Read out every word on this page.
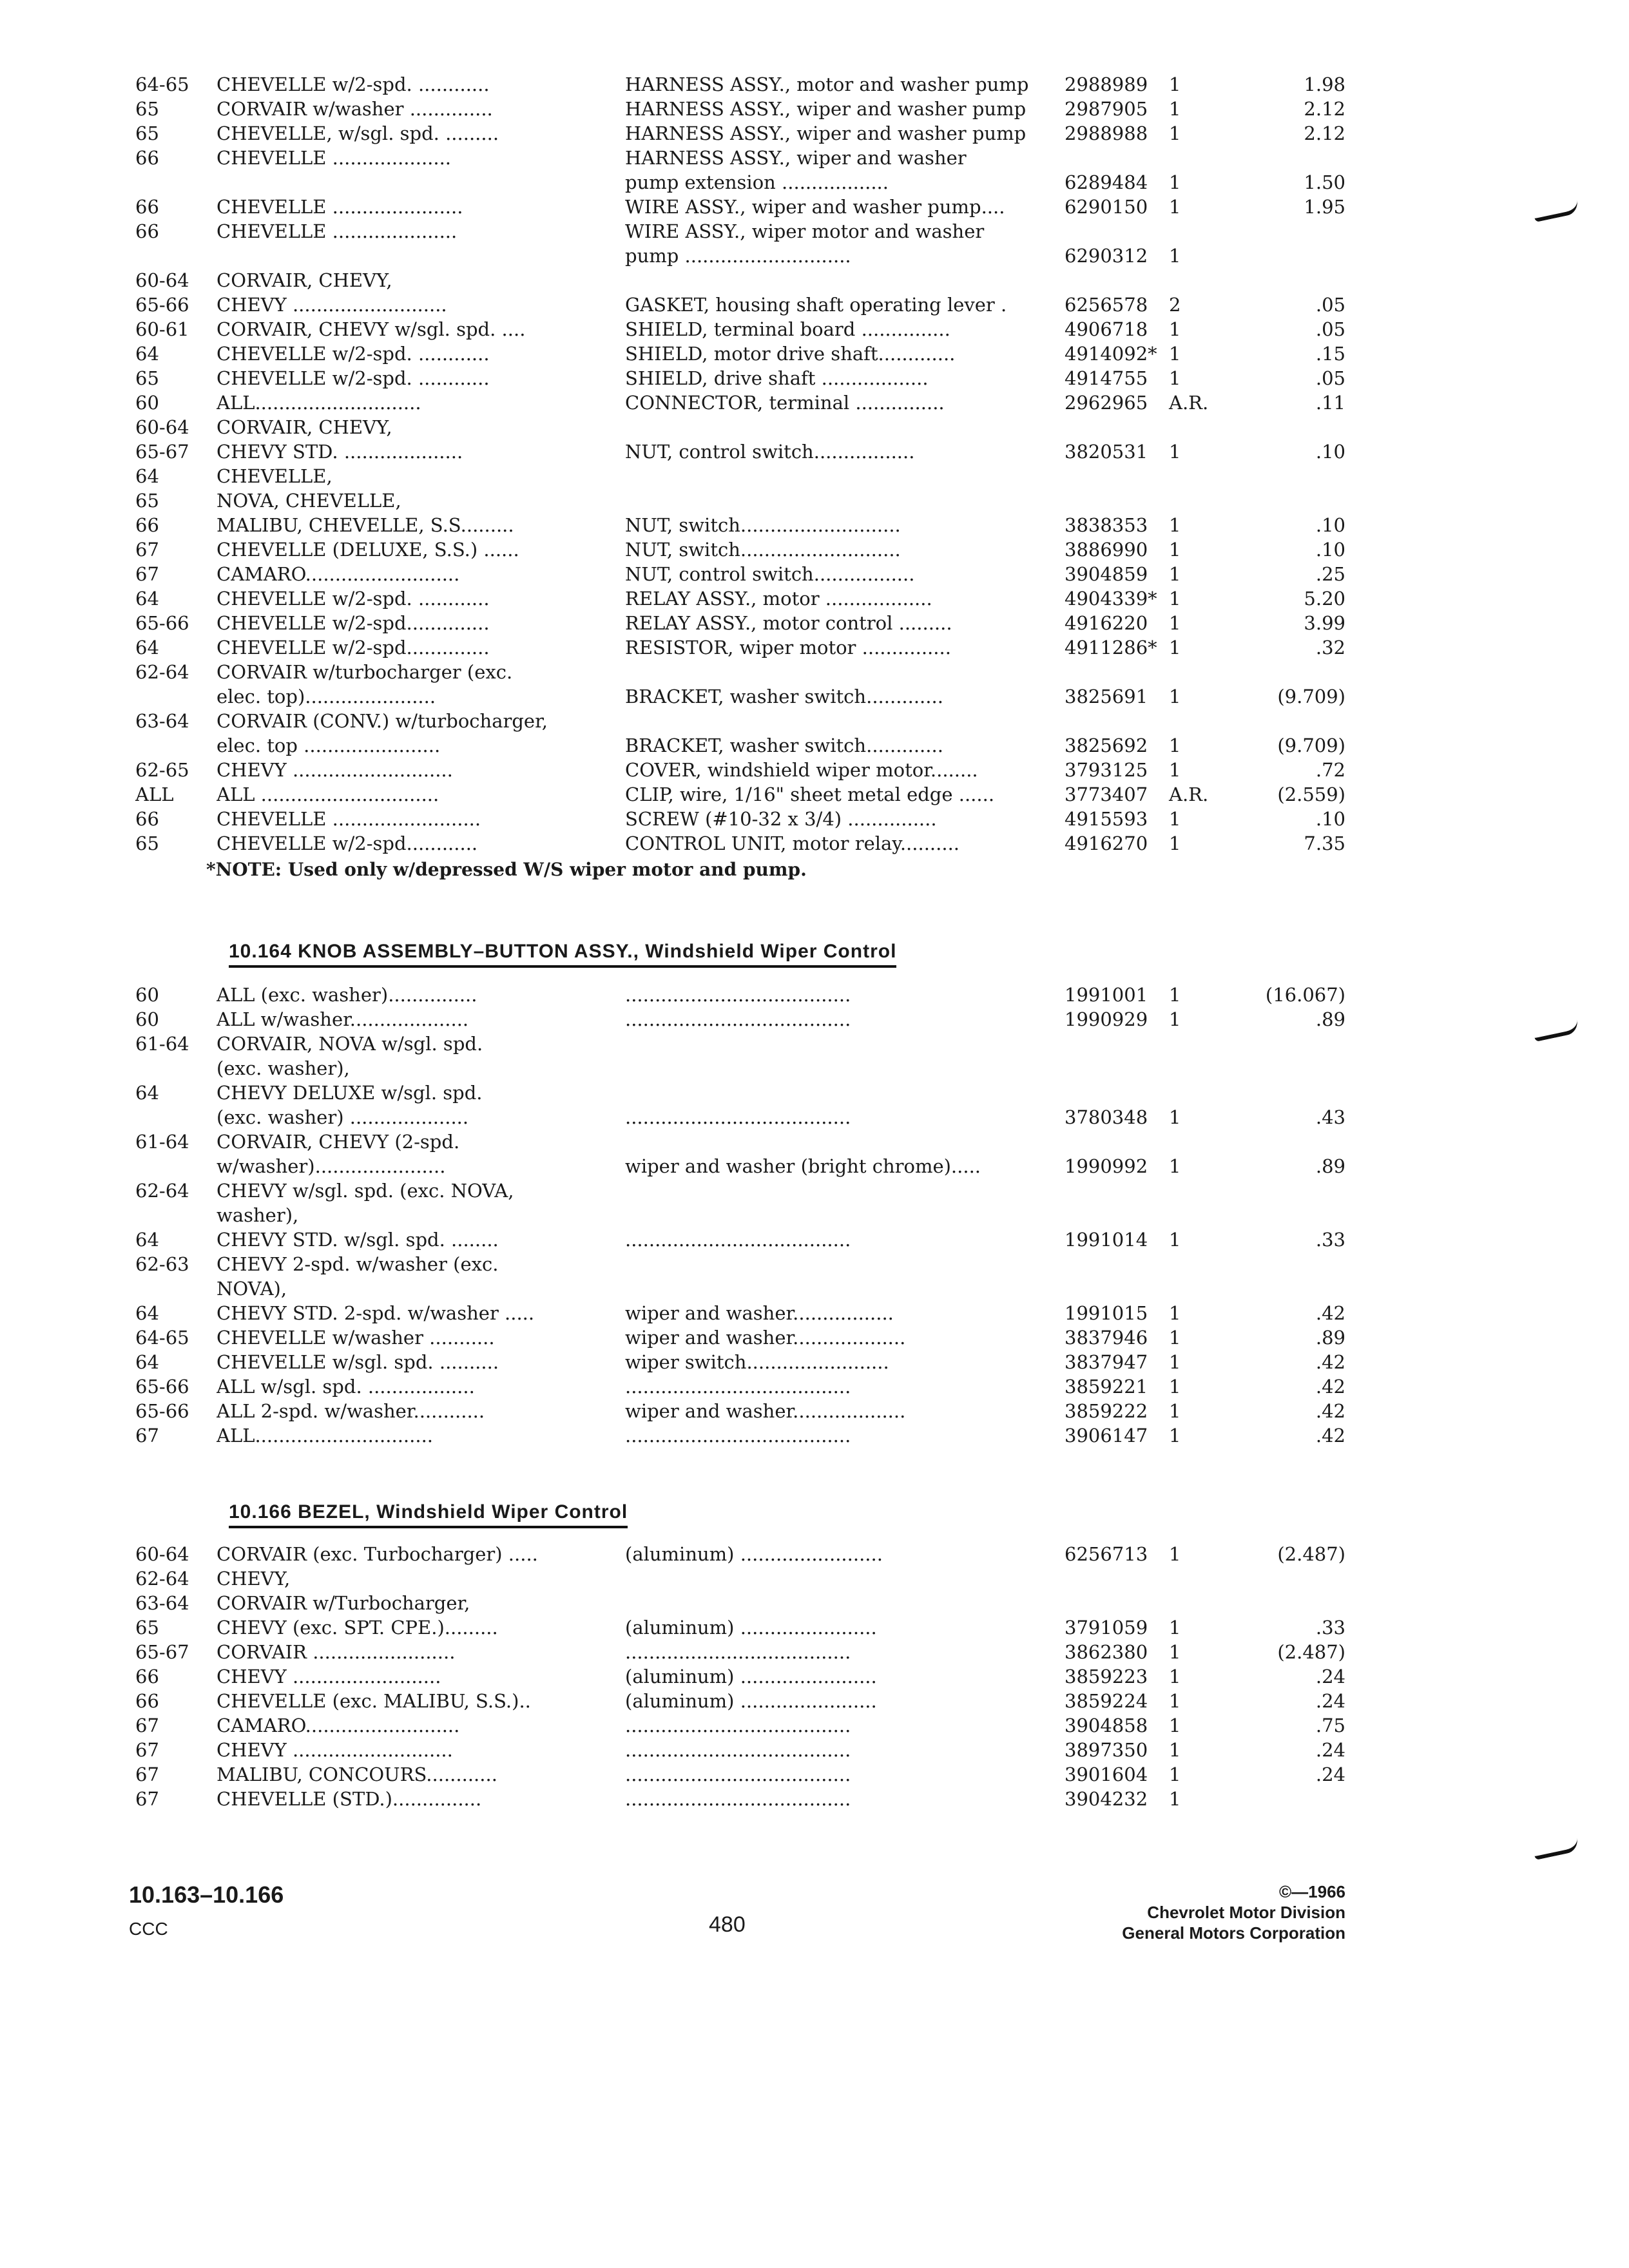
64-65 CHEVELLE w/2-spd. ............	HARNESS ASSY., motor and washer pump	2988989 1	1.98
65	CORVAIR w/washer ..............	HARNESS ASSY., wiper and washer pump	2987905 1	2.12
65	CHEVELLE, w/sgl. spd. .........	HARNESS ASSY., wiper and washer pump	2988988 1	2.12
66	CHEVELLE ....................	HARNESS ASSY., wiper and washer
pump extension ..................	6289484 1	1.50
66	CHEVELLE ......................	WIRE ASSY., wiper and washer pump....	6290150 1	1.95
66	CHEVELLE .....................	WIRE ASSY., wiper motor and washer
pump ............................	6290312 1
60-64 CORVAIR, CHEVY,
65-66 CHEVY ..........................	GASKET, housing shaft operating lever .	6256578 2	.05
60-61 CORVAIR, CHEVY w/sgl. spd. ....	SHIELD, terminal board ...............	4906718 1	.05
64	CHEVELLE w/2-spd. ............	SHIELD, motor drive shaft.............	4914092* 1	.15
65	CHEVELLE w/2-spd. ............	SHIELD, drive shaft ..................	4914755 1	.05
60	ALL............................	CONNECTOR, terminal ...............	2962965 A.R.	.11
60-64 CORVAIR, CHEVY,
65-67 CHEVY STD. ....................	NUT, control switch.................	3820531 1	.10
64	CHEVELLE,
65	NOVA, CHEVELLE,
66	MALIBU, CHEVELLE, S.S.........	NUT, switch...........................	3838353 1	.10
67	CHEVELLE (DELUXE, S.S.) ......	NUT, switch...........................	3886990 1	.10
67	CAMARO..........................	NUT, control switch.................	3904859 1	.25
64	CHEVELLE w/2-spd. ............	RELAY ASSY., motor ..................	4904339* 1	5.20
65-66 CHEVELLE w/2-spd..............	RELAY ASSY., motor control .........	4916220 1	3.99
64	CHEVELLE w/2-spd..............	RESISTOR, wiper motor ...............	4911286* 1	.32
62-64 CORVAIR w/turbocharger (exc.
elec. top)......................	BRACKET, washer switch.............	3825691 1	(9.709)
63-64 CORVAIR (CONV.) w/turbocharger,
elec. top .......................	BRACKET, washer switch.............	3825692 1	(9.709)
62-65 CHEVY ...........................	COVER, windshield wiper motor........	3793125 1	.72
ALL ALL ..............................	CLIP, wire, 1/16" sheet metal edge ......	3773407 A.R.	(2.559)
66	CHEVELLE .........................	SCREW (#10-32 x 3/4) ...............	4915593 1	.10
65	CHEVELLE w/2-spd............	CONTROL UNIT, motor relay..........	4916270 1	7.35
*NOTE: Used only w/depressed W/S wiper motor and pump.
10.164 KNOB ASSEMBLY–BUTTON ASSY., Windshield Wiper Control
60	ALL (exc. washer)...............	......................................	1991001 1	(16.067)
60	ALL w/washer....................	......................................	1990929 1	.89
61-64 CORVAIR, NOVA w/sgl. spd.
(exc. washer),
64	CHEVY DELUXE w/sgl. spd.
(exc. washer) ....................	......................................	3780348 1	.43
61-64 CORVAIR, CHEVY (2-spd.
w/washer)......................	wiper and washer (bright chrome).....	1990992 1	.89
62-64 CHEVY w/sgl. spd. (exc. NOVA,
washer),
64	CHEVY STD. w/sgl. spd. ........	......................................	1991014 1	.33
62-63 CHEVY 2-spd. w/washer (exc.
NOVA),
64	CHEVY STD. 2-spd. w/washer .....	wiper and washer.................	1991015 1	.42
64-65 CHEVELLE w/washer ...........	wiper and washer...................	3837946 1	.89
64	CHEVELLE w/sgl. spd. ..........	wiper switch........................	3837947 1	.42
65-66 ALL w/sgl. spd. ..................	......................................	3859221 1	.42
65-66 ALL 2-spd. w/washer............	wiper and washer...................	3859222 1	.42
67	ALL..............................	......................................	3906147 1	.42
10.166 BEZEL, Windshield Wiper Control
60-64 CORVAIR (exc. Turbocharger) .....	(aluminum) ........................	6256713 1	(2.487)
62-64 CHEVY,
63-64 CORVAIR w/Turbocharger,
65	CHEVY (exc. SPT. CPE.).........	(aluminum) .......................	3791059 1	.33
65-67 CORVAIR ........................	......................................	3862380 1	(2.487)
66	CHEVY .........................	(aluminum) .......................	3859223 1	.24
66	CHEVELLE (exc. MALIBU, S.S.)..	(aluminum) .......................	3859224 1	.24
67	CAMARO..........................	......................................	3904858 1	.75
67	CHEVY ...........................	......................................	3897350 1	.24
67	MALIBU, CONCOURS............	......................................	3901604 1	.24
67	CHEVELLE (STD.)...............	......................................	3904232 1
10.163–10.166
CCC	480
©—1966
Chevrolet Motor Division
General Motors Corporation
